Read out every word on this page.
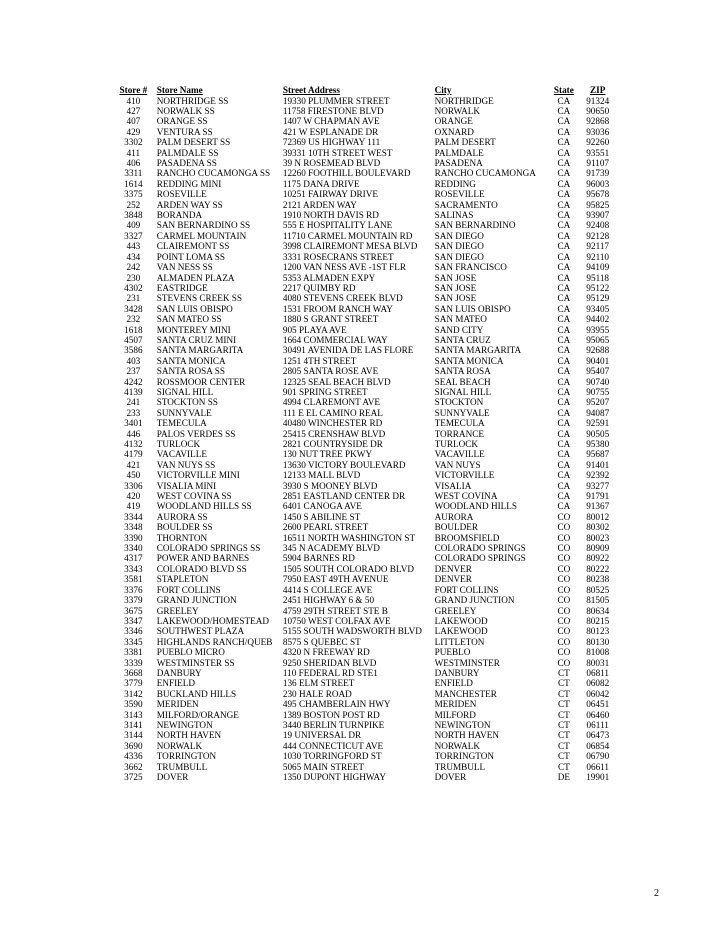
Store #	Store Name	Street Address	City	State	ZIP
410	NORTHRIDGE SS	19330 PLUMMER STREET	NORTHRIDGE	CA	91324
427	NORWALK SS	11758 FIRESTONE BLVD	NORWALK	CA	90650
407	ORANGE SS	1407 W CHAPMAN AVE	ORANGE	CA	92868
429	VENTURA SS	421 W ESPLANADE DR	OXNARD	CA	93036
3302	PALM DESERT SS	72369 US HIGHWAY 111	PALM DESERT	CA	92260
411	PALMDALE SS	39331 10TH STREET WEST	PALMDALE	CA	93551
406	PASADENA SS	39 N ROSEMEAD BLVD	PASADENA	CA	91107
3311	RANCHO CUCAMONGA SS	12260 FOOTHILL BOULEVARD	RANCHO CUCAMONGA	CA	91739
1614	REDDING MINI	1175 DANA DRIVE	REDDING	CA	96003
3375	ROSEVILLE	10251 FAIRWAY DRIVE	ROSEVILLE	CA	95678
252	ARDEN WAY SS	2121 ARDEN WAY	SACRAMENTO	CA	95825
3848	BORANDA	1910 NORTH DAVIS RD	SALINAS	CA	93907
409	SAN BERNARDINO SS	555 E HOSPITALITY LANE	SAN BERNARDINO	CA	92408
3327	CARMEL MOUNTAIN	11710 CARMEL MOUNTAIN RD	SAN DIEGO	CA	92128
443	CLAIREMONT SS	3998 CLAIREMONT MESA BLVD	SAN DIEGO	CA	92117
434	POINT LOMA SS	3331 ROSECRANS STREET	SAN DIEGO	CA	92110
242	VAN NESS SS	1200 VAN NESS AVE -1ST FLR	SAN FRANCISCO	CA	94109
230	ALMADEN PLAZA	5353 ALMADEN EXPY	SAN JOSE	CA	95118
4302	EASTRIDGE	2217 QUIMBY RD	SAN JOSE	CA	95122
231	STEVENS CREEK SS	4080 STEVENS CREEK BLVD	SAN JOSE	CA	95129
3428	SAN LUIS OBISPO	1531 FROOM RANCH WAY	SAN LUIS OBISPO	CA	93405
232	SAN MATEO SS	1880 S GRANT STREET	SAN MATEO	CA	94402
1618	MONTEREY MINI	905 PLAYA AVE	SAND CITY	CA	93955
4507	SANTA CRUZ MINI	1664 COMMERCIAL WAY	SANTA CRUZ	CA	95065
3586	SANTA MARGARITA	30491 AVENIDA DE LAS FLORE	SANTA MARGARITA	CA	92688
403	SANTA MONICA	1251 4TH STREET	SANTA MONICA	CA	90401
237	SANTA ROSA SS	2805 SANTA ROSE AVE	SANTA ROSA	CA	95407
4242	ROSSMOOR CENTER	12325 SEAL BEACH BLVD	SEAL BEACH	CA	90740
4139	SIGNAL HILL	901 SPRING STREET	SIGNAL HILL	CA	90755
241	STOCKTON SS	4994 CLAREMONT AVE	STOCKTON	CA	95207
233	SUNNYVALE	111 E EL CAMINO REAL	SUNNYVALE	CA	94087
3401	TEMECULA	40480 WINCHESTER RD	TEMECULA	CA	92591
446	PALOS VERDES SS	25415 CRENSHAW BLVD	TORRANCE	CA	90505
4132	TURLOCK	2821 COUNTRYSIDE DR	TURLOCK	CA	95380
4179	VACAVILLE	130 NUT TREE PKWY	VACAVILLE	CA	95687
421	VAN NUYS SS	13630 VICTORY BOULEVARD	VAN NUYS	CA	91401
450	VICTORVILLE MINI	12133 MALL BLVD	VICTORVILLE	CA	92392
3306	VISALIA MINI	3930 S MOONEY BLVD	VISALIA	CA	93277
420	WEST COVINA SS	2851 EASTLAND CENTER DR	WEST COVINA	CA	91791
419	WOODLAND HILLS SS	6401 CANOGA AVE	WOODLAND HILLS	CA	91367
3344	AURORA SS	1450 S ABILINE ST	AURORA	CO	80012
3348	BOULDER SS	2600 PEARL STREET	BOULDER	CO	80302
3390	THORNTON	16511 NORTH WASHINGTON ST	BROOMSFIELD	CO	80023
3340	COLORADO SPRINGS SS	345 N ACADEMY BLVD	COLORADO SPRINGS	CO	80909
4317	POWER AND BARNES	5904 BARNES RD	COLORADO SPRINGS	CO	80922
3343	COLORADO BLVD SS	1505 SOUTH COLORADO BLVD	DENVER	CO	80222
3581	STAPLETON	7950 EAST 49TH AVENUE	DENVER	CO	80238
3376	FORT COLLINS	4414 S COLLEGE AVE	FORT COLLINS	CO	80525
3379	GRAND JUNCTION	2451 HIGHWAY 6 & 50	GRAND JUNCTION	CO	81505
3675	GREELEY	4759 29TH STREET STE B	GREELEY	CO	80634
3347	LAKEWOOD/HOMESTEAD	10750 WEST COLFAX AVE	LAKEWOOD	CO	80215
3346	SOUTHWEST PLAZA	5155 SOUTH WADSWORTH BLVD	LAKEWOOD	CO	80123
3345	HIGHLANDS RANCH/QUEB	8575 S QUEBEC ST	LITTLETON	CO	80130
3381	PUEBLO MICRO	4320 N FREEWAY RD	PUEBLO	CO	81008
3339	WESTMINSTER SS	9250 SHERIDAN BLVD	WESTMINSTER	CO	80031
3668	DANBURY	110 FEDERAL RD STE1	DANBURY	CT	06811
3779	ENFIELD	136 ELM STREET	ENFIELD	CT	06082
3142	BUCKLAND HILLS	230 HALE ROAD	MANCHESTER	CT	06042
3590	MERIDEN	495 CHAMBERLAIN HWY	MERIDEN	CT	06451
3143	MILFORD/ORANGE	1389 BOSTON POST RD	MILFORD	CT	06460
3141	NEWINGTON	3440 BERLIN TURNPIKE	NEWINGTON	CT	06111
3144	NORTH HAVEN	19 UNIVERSAL DR	NORTH HAVEN	CT	06473
3690	NORWALK	444 CONNECTICUT AVE	NORWALK	CT	06854
4336	TORRINGTON	1030 TORRINGFORD ST	TORRINGTON	CT	06790
3662	TRUMBULL	5065 MAIN STREET	TRUMBULL	CT	06611
3725	DOVER	1350 DUPONT HIGHWAY	DOVER	DE	19901
2
